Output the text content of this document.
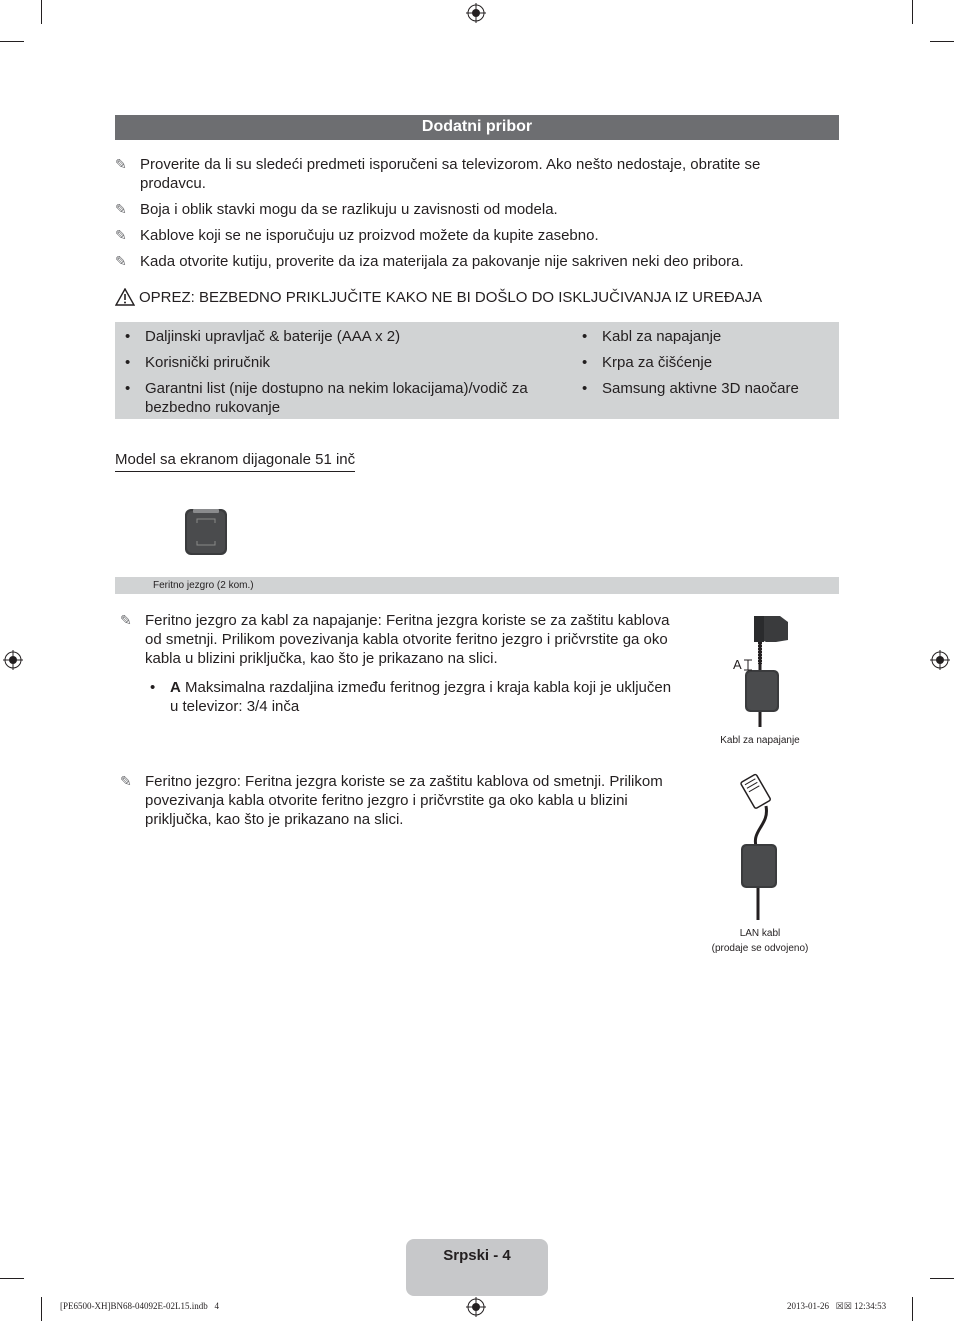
Dodatni pribor
✎ Proverite da li su sledeći predmeti isporučeni sa televizorom. Ako nešto nedostaje, obratite se prodavcu.
✎ Boja i oblik stavki mogu da se razlikuju u zavisnosti od modela.
✎ Kablove koji se ne isporučuju uz proizvod možete da kupite zasebno.
✎ Kada otvorite kutiju, proverite da iza materijala za pakovanje nije sakriven neki deo pribora.
OPREZ: BEZBEDNO PRIKLJUČITE KAKO NE BI DOŠLO DO ISKLJUČIVANJA IZ UREĐAJA
• Daljinski upravljač & baterije (AAA x 2)
• Korisnički priručnik
• Garantni list (nije dostupno na nekim lokacijama)/vodič za bezbedno rukovanje
• Kabl za napajanje
• Krpa za čišćenje
• Samsung aktivne 3D naočare
Model sa ekranom dijagonale 51 inč
Feritno jezgro (2 kom.)
✎ Feritno jezgro za kabl za napajanje: Feritna jezgra koriste se za zaštitu kablova od smetnji. Prilikom povezivanja kabla otvorite feritno jezgro i pričvrstite ga oko kabla u blizini priključka, kao što je prikazano na slici.
• A Maksimalna razdaljina između feritnog jezgra i kraja kabla koji je uključen u televizor: 3/4 inča
A
Kabl za napajanje
✎ Feritno jezgro: Feritna jezgra koriste se za zaštitu kablova od smetnji. Prilikom povezivanja kabla otvorite feritno jezgro i pričvrstite ga oko kabla u blizini priključka, kao što je prikazano na slici.
LAN kabl
(prodaje se odvojeno)
Srpski - 4
[PE6500-XH]BN68-04092E-02L15.indb   4	2013-01-26   ☒☒ 12:34:53
